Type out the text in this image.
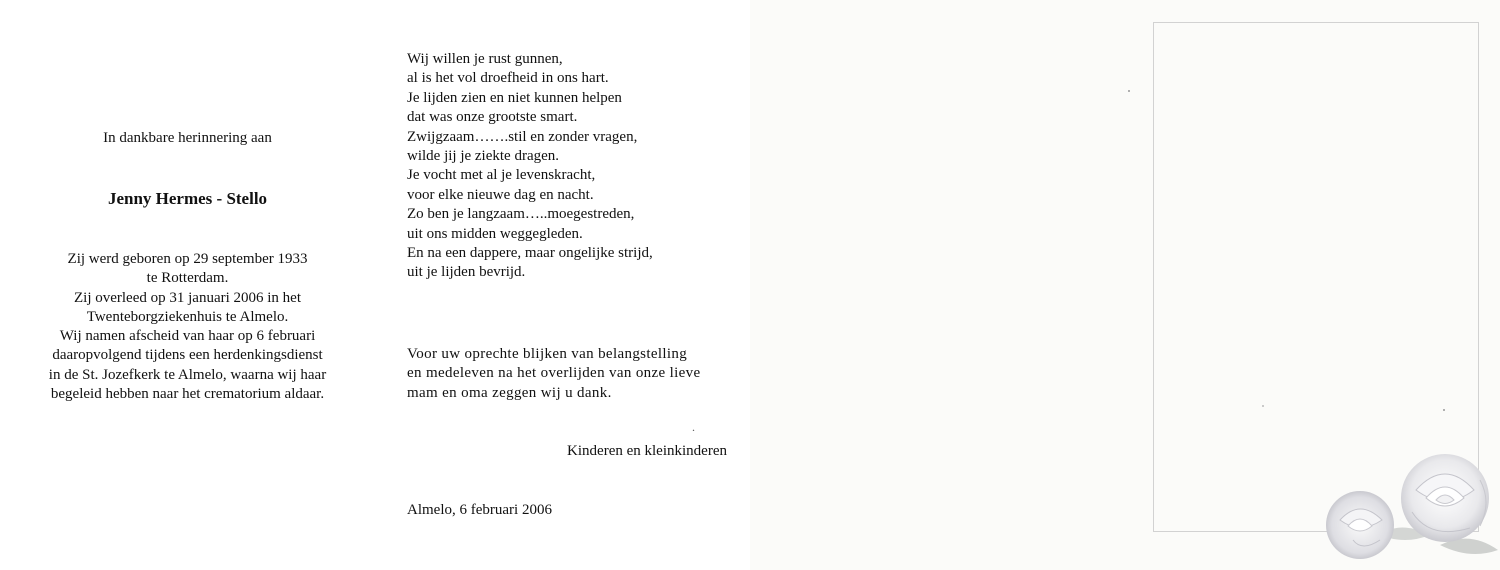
In dankbare herinnering aan
Jenny Hermes - Stello
Zij werd geboren op 29 september 1933
te Rotterdam.
Zij overleed op 31 januari 2006 in het
Twenteborgziekenhuis te Almelo.
Wij namen afscheid van haar op 6 februari
daaropvolgend tijdens een herdenkingsdienst
in de St. Jozefkerk te Almelo, waarna wij haar
begeleid hebben naar het crematorium aldaar.
Wij willen je rust gunnen,
al is het vol droefheid in ons hart.
Je lijden zien en niet kunnen helpen
dat was onze grootste smart.
Zwijgzaam…….stil en zonder vragen,
wilde jij je ziekte dragen.
Je vocht met al je levenskracht,
voor elke nieuwe dag en nacht.
Zo ben je langzaam…..moegestreden,
uit ons midden weggegleden.
En na een dappere, maar ongelijke strijd,
uit je lijden bevrijd.
Voor uw oprechte blijken van belangstelling
en medeleven na het overlijden van onze lieve
mam en oma zeggen wij u dank.
.
Kinderen en kleinkinderen
Almelo, 6 februari 2006
